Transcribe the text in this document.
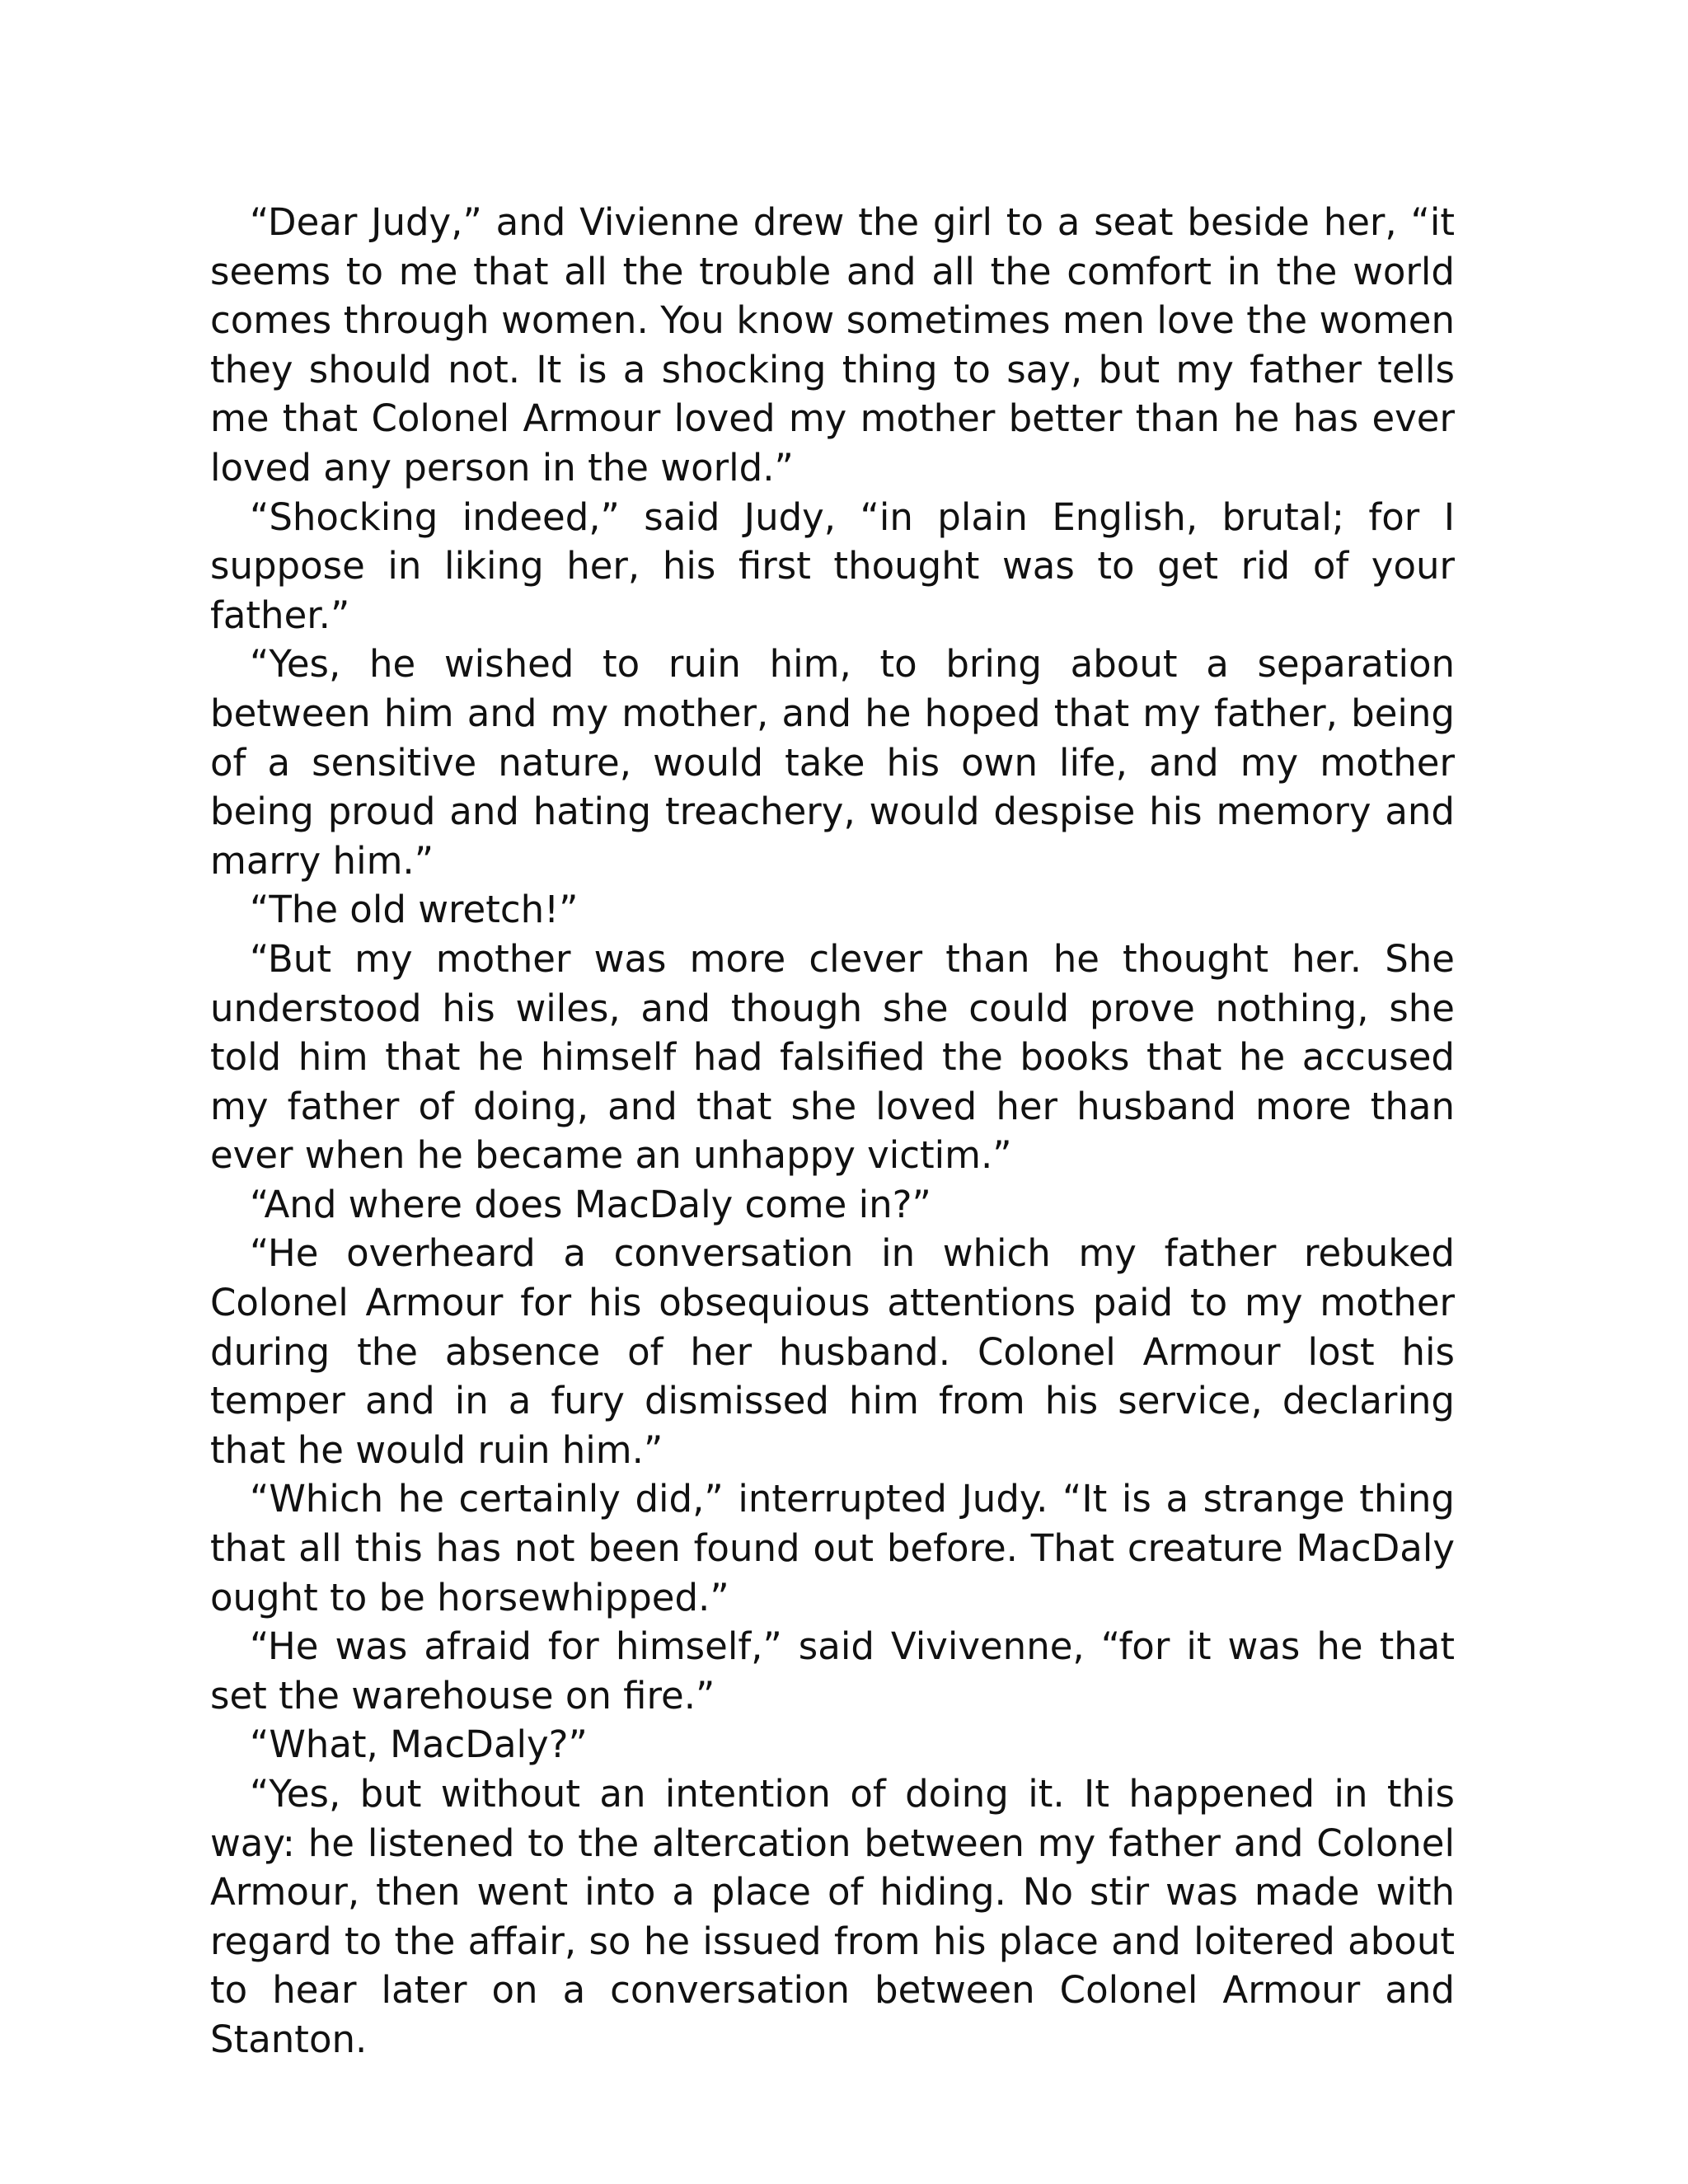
“Dear Judy,” and Vivienne drew the girl to a seat beside her, “it seems to me that all the trouble and all the comfort in the world comes through women. You know sometimes men love the women they should not. It is a shocking thing to say, but my father tells me that Colonel Armour loved my mother better than he has ever loved any person in the world.”

“Shocking indeed,” said Judy, “in plain English, brutal; for I suppose in liking her, his first thought was to get rid of your father.”

“Yes, he wished to ruin him, to bring about a separation between him and my mother, and he hoped that my father, being of a sensitive nature, would take his own life, and my mother being proud and hating treachery, would despise his memory and marry him.”

“The old wretch!”

“But my mother was more clever than he thought her. She understood his wiles, and though she could prove nothing, she told him that he himself had falsified the books that he accused my father of doing, and that she loved her husband more than ever when he became an unhappy victim.”

“And where does MacDaly come in?”

“He overheard a conversation in which my father rebuked Colonel Armour for his obsequious attentions paid to my mother during the absence of her husband. Colonel Armour lost his temper and in a fury dismissed him from his service, declaring that he would ruin him.”

“Which he certainly did,” interrupted Judy. “It is a strange thing that all this has not been found out before. That creature MacDaly ought to be horsewhipped.”

“He was afraid for himself,” said Vivivenne, “for it was he that set the warehouse on fire.”

“What, MacDaly?”

“Yes, but without an intention of doing it. It happened in this way: he listened to the altercation between my father and Colonel Armour, then went into a place of hiding. No stir was made with regard to the affair, so he issued from his place and loitered about to hear later on a conversation between Colonel Armour and Stanton.
